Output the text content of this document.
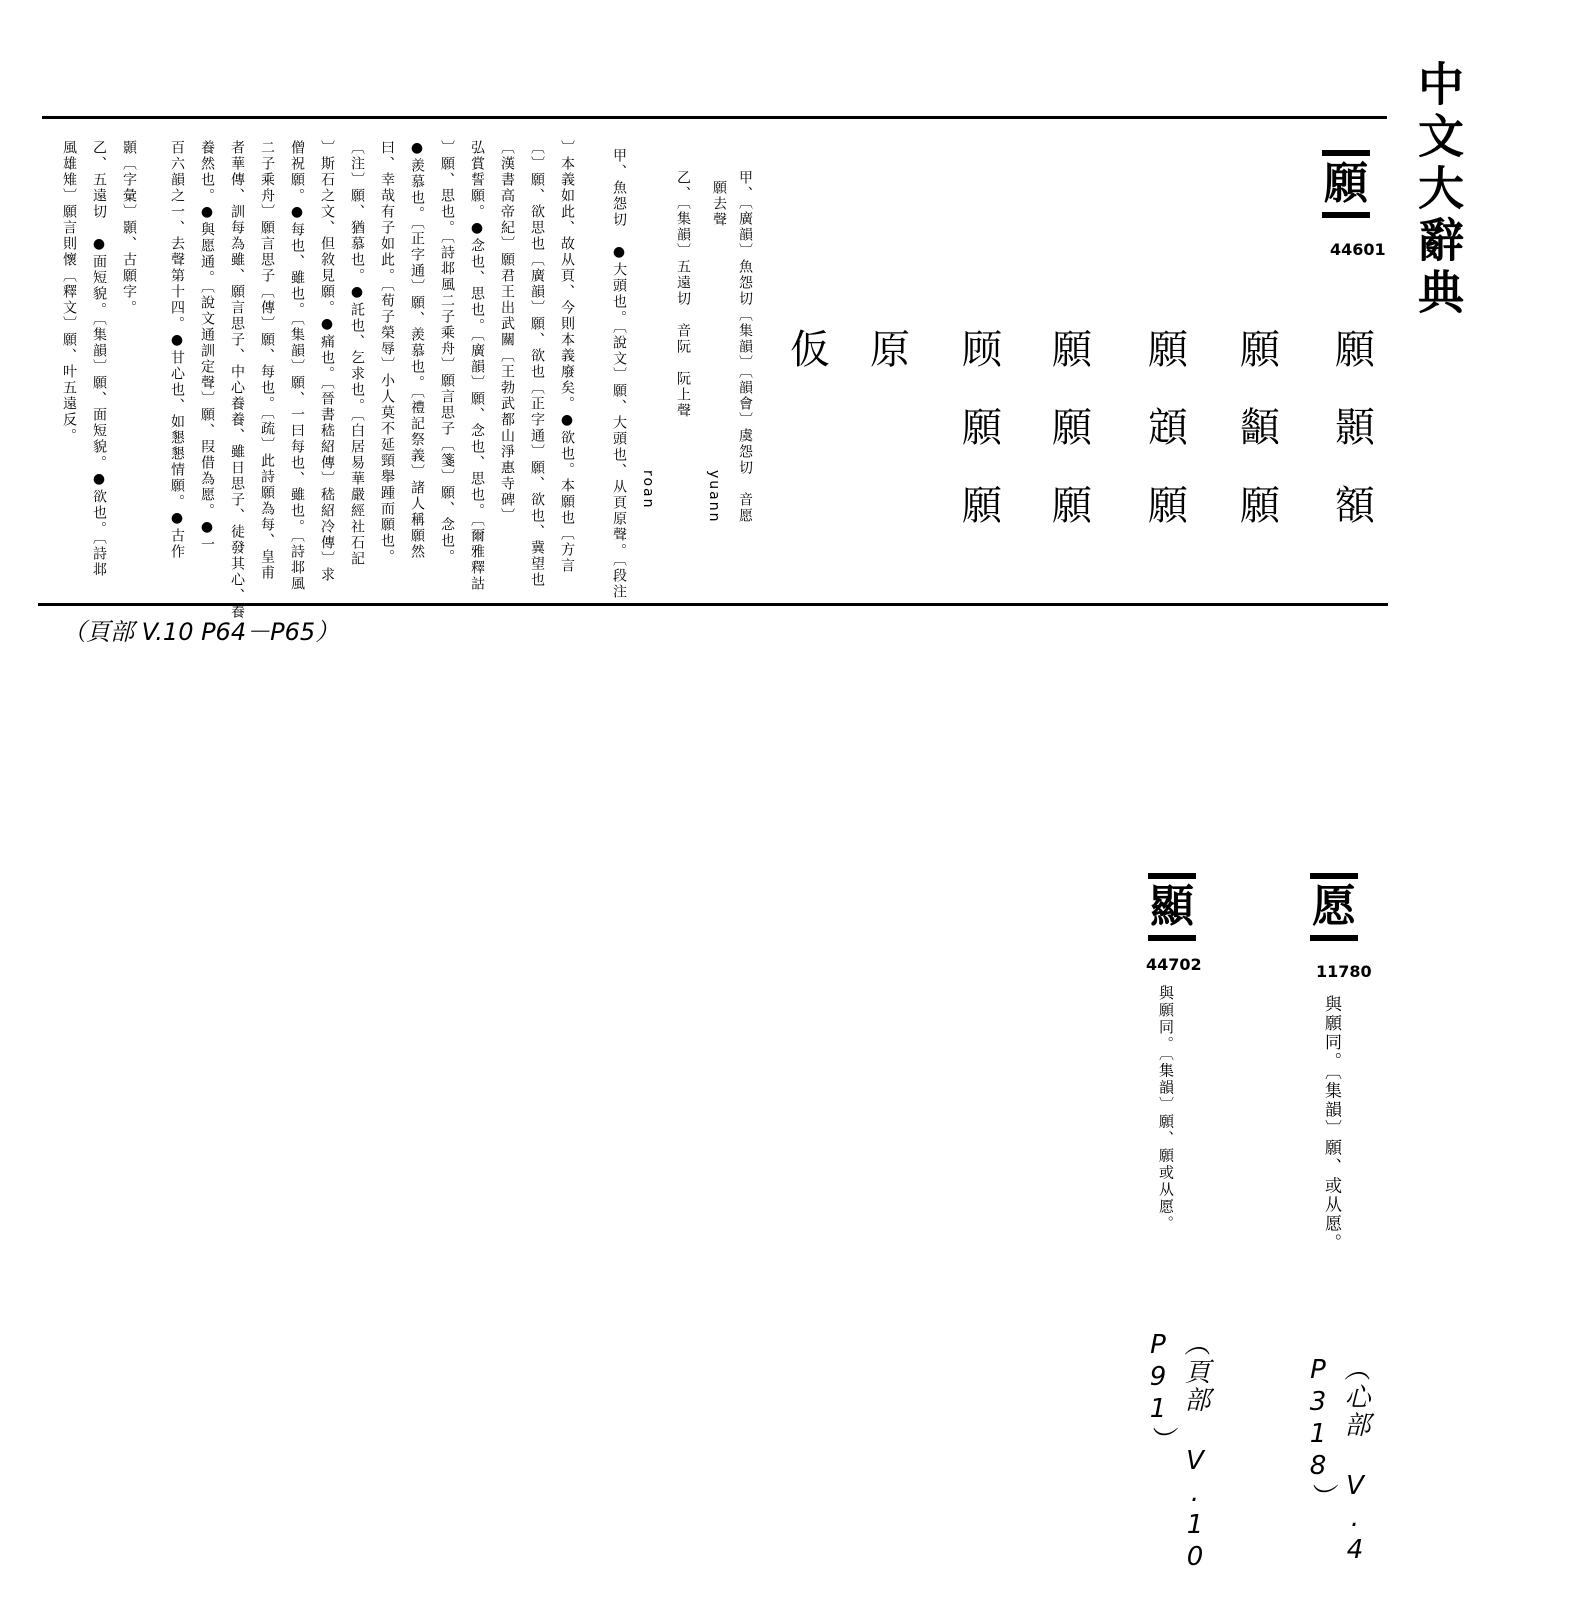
中文大辭典
願
44601
願
顥
額
願
顲
願
願
顁
願
願
願
願
顾
願
願
原
仮
甲、〔廣韻〕魚怨切〔集韻〕〔韻會〕虞怨切　音愿
願去聲
yuann
乙、〔集韻〕五遠切　音阮　阮上聲
roan
甲、魚怨切　●大頭也。〔說文〕願、大頭也、从頁原聲。〔段注
〕本義如此、故从頁、今則本義廢矣。●欲也。本願也〔方言
〔〕願、欲思也〔廣韻〕願、欲也〔正字通〕願、欲也、冀望也
〔漢書高帝紀〕願君王出武關〔王勃武都山淨惠寺碑〕
弘賞誓願。●念也、思也。〔廣韻〕願、念也、思也。〔爾雅釋詁
〕願、思也。〔詩邶風二子乘舟〕願言思子〔箋〕願、念也。
●羨慕也。〔正字通〕願、羨慕也。〔禮記祭義〕諸人稱願然
曰、幸哉有子如此。〔荀子榮辱〕小人莫不延頸舉踵而願也。
〔注〕願、猶慕也。●託也、乞求也。〔白居易華嚴經社石記
〕斯石之文、但敘見願。●痛也。〔晉書嵇紹傳〕嵇紹冷傳〕求
僧祝願。●每也、雖也。〔集韻〕願、一曰每也、雖也。〔詩邶風
二子乘舟〕願言思子〔傳〕願、每也。〔疏〕此詩願為每、皇甫
者華傳、訓每為雖、願言思子、中心養養、雖日思子、徒發其心、養
養然也。●與愿通。〔說文通訓定聲〕願、叚借為愿。●一
百六韻之一、去聲第十四。●甘心也、如懇懇情願。●古作
顥〔字彙〕顥、古願字。
乙、五遠切　●面短貌。〔集韻〕願、面短貌。●欲也。〔詩邶
風雄雉〕願言則懷〔釋文〕願、叶五遠反。
（頁部 V.10 P64－P65）
愿
11780
與願同。〔集韻〕願、或从愿。
（心部 V.4 P318）
顯
44702
與願同。〔集韻〕願、願或从愿。
（頁部 V.10 P91）
